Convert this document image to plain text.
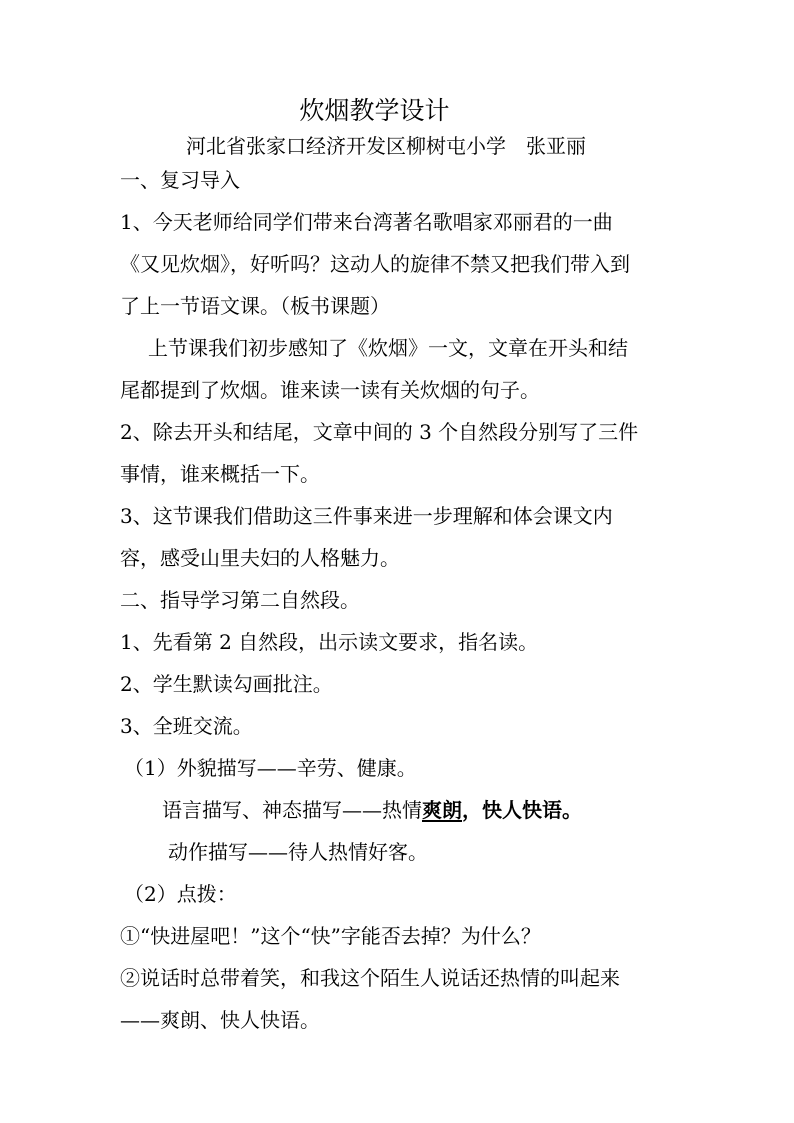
炊烟教学设计
河北省张家口经济开发区柳树屯小学　张亚丽
一、复习导入
1、今天老师给同学们带来台湾著名歌唱家邓丽君的一曲
《又见炊烟》，好听吗？这动人的旋律不禁又把我们带入到
了上一节语文课。（板书课题）
上节课我们初步感知了《炊烟》一文，文章在开头和结
尾都提到了炊烟。谁来读一读有关炊烟的句子。
2、除去开头和结尾，文章中间的 3 个自然段分别写了三件
事情，谁来概括一下。
3、这节课我们借助这三件事来进一步理解和体会课文内
容，感受山里夫妇的人格魅力。
二、指导学习第二自然段。
1、先看第 2 自然段，出示读文要求，指名读。
2、学生默读勾画批注。
3、全班交流。
（1）外貌描写——辛劳、健康。
语言描写、神态描写——热情爽朗，快人快语。
动作描写——待人热情好客。
（2）点拨：
①“快进屋吧！”这个“快”字能否去掉？为什么？
②说话时总带着笑，和我这个陌生人说话还热情的叫起来
——爽朗、快人快语。
